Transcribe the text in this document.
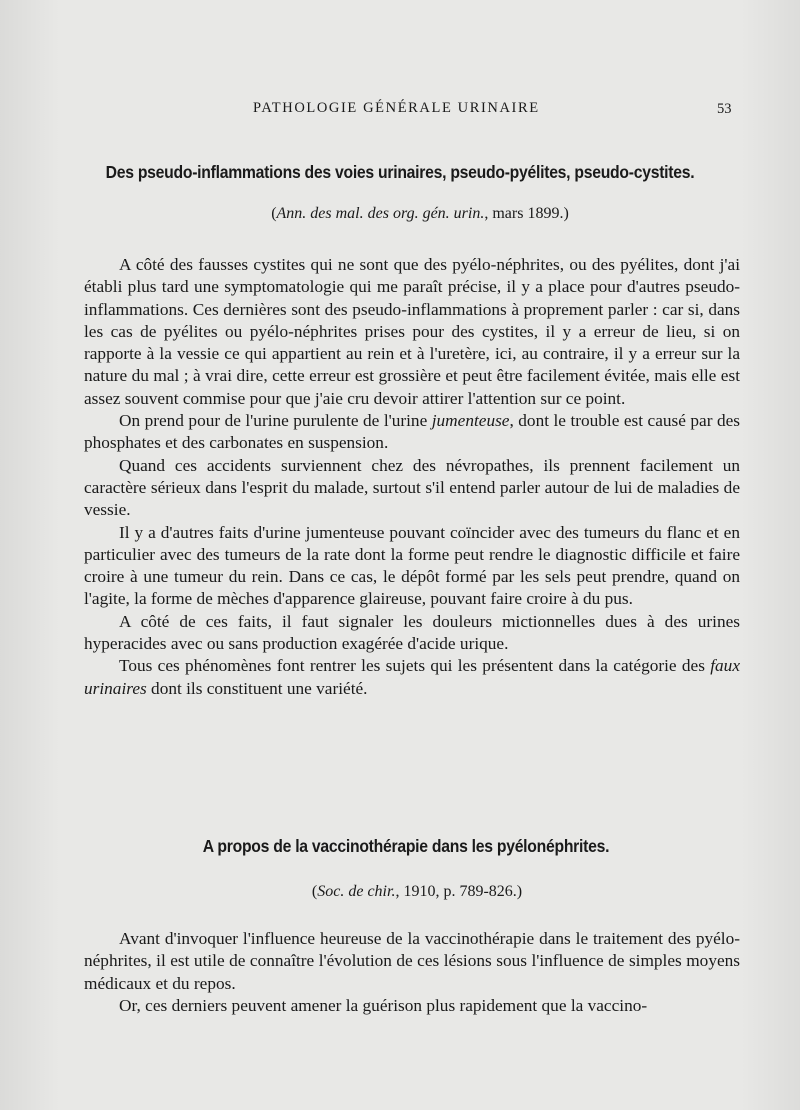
PATHOLOGIE GÉNÉRALE URINAIRE	53
Des pseudo-inflammations des voies urinaires, pseudo-pyélites, pseudo-cystites.
(Ann. des mal. des org. gén. urin., mars 1899.)

A côté des fausses cystites qui ne sont que des pyélo-néphrites, ou des pyélites, dont j'ai établi plus tard une symptomatologie qui me paraît précise, il y a place pour d'autres pseudo-inflammations. Ces dernières sont des pseudo-inflammations à proprement parler : car si, dans les cas de pyélites ou pyélo-néphrites prises pour des cystites, il y a erreur de lieu, si on rapporte à la vessie ce qui appartient au rein et à l'uretère, ici, au contraire, il y a erreur sur la nature du mal ; à vrai dire, cette erreur est grossière et peut être facilement évitée, mais elle est assez souvent commise pour que j'aie cru devoir attirer l'attention sur ce point.

On prend pour de l'urine purulente de l'urine jumenteuse, dont le trouble est causé par des phosphates et des carbonates en suspension.

Quand ces accidents surviennent chez des névropathes, ils prennent facilement un caractère sérieux dans l'esprit du malade, surtout s'il entend parler autour de lui de maladies de vessie.

Il y a d'autres faits d'urine jumenteuse pouvant coïncider avec des tumeurs du flanc et en particulier avec des tumeurs de la rate dont la forme peut rendre le diagnostic difficile et faire croire à une tumeur du rein. Dans ce cas, le dépôt formé par les sels peut prendre, quand on l'agite, la forme de mèches d'apparence glaireuse, pouvant faire croire à du pus.

A côté de ces faits, il faut signaler les douleurs mictionnelles dues à des urines hyperacides avec ou sans production exagérée d'acide urique.

Tous ces phénomènes font rentrer les sujets qui les présentent dans la catégorie des faux urinaires dont ils constituent une variété.

A propos de la vaccinothérapie dans les pyélonéphrites.
(Soc. de chir., 1910, p. 789-826.)

Avant d'invoquer l'influence heureuse de la vaccinothérapie dans le traitement des pyélo-néphrites, il est utile de connaître l'évolution de ces lésions sous l'influence de simples moyens médicaux et du repos.

Or, ces derniers peuvent amener la guérison plus rapidement que la vaccino-
